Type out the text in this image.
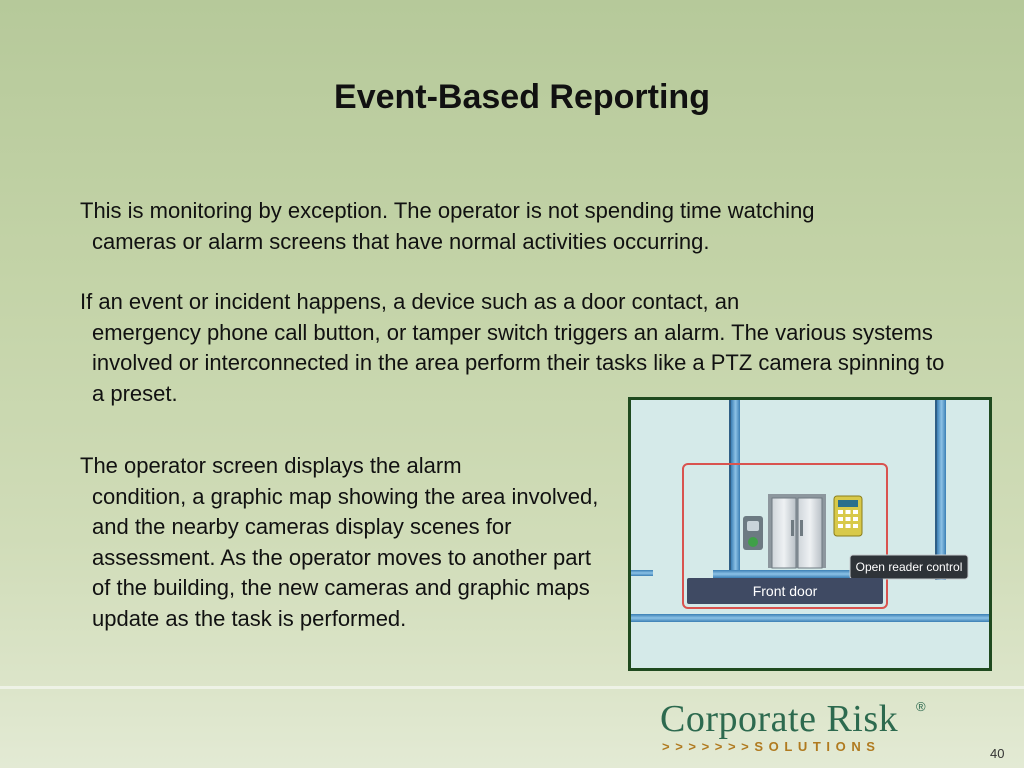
Event-Based Reporting
This is monitoring by exception. The operator is not spending time watching
cameras or alarm screens that have normal activities occurring.
If an event or incident happens, a device such as a door contact, an
emergency phone call button, or tamper switch triggers an alarm. The various systems involved or interconnected in the area perform their tasks like a PTZ camera spinning to a preset.
The operator screen displays the alarm
condition, a graphic map showing the area involved, and the nearby cameras display scenes for assessment. As the operator moves to another part of the building, the new cameras and graphic maps update as the task is performed.
Open reader control
Front door
Corporate Risk ®
>>>>>>>SOLUTIONS	40
